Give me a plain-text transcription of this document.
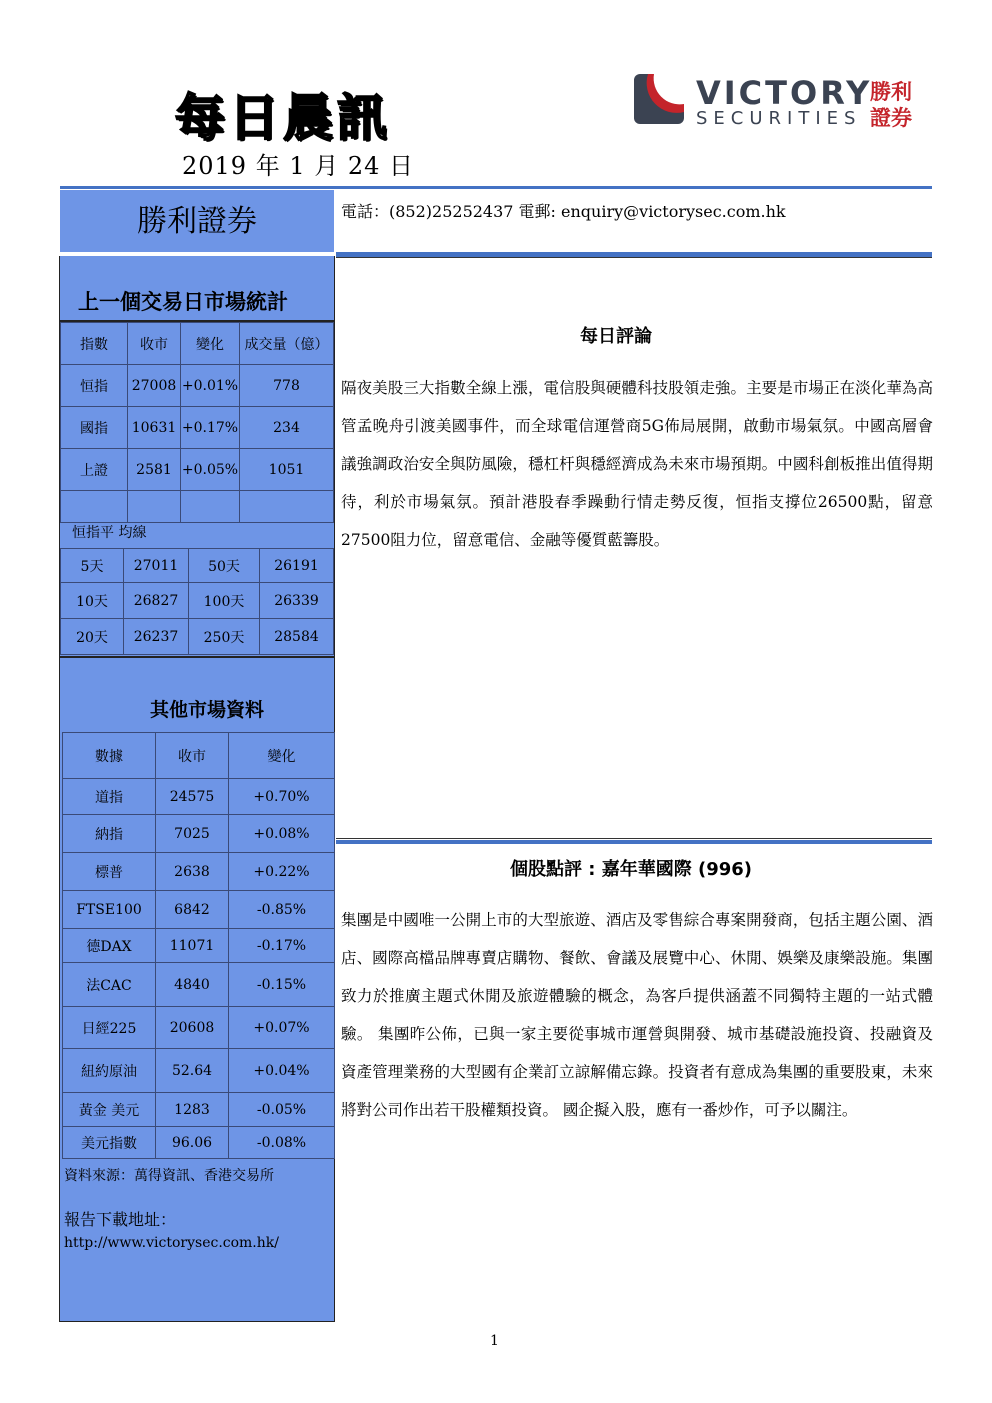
每日晨訊
2019 年 1 月 24 日
VICTORY
SECURITIES
勝利
證券
勝利證券	電話：(852)25252437 電郵: enquiry@victorysec.com.hk
上一個交易日市場統計
指數	收市	變化	成交量（億）
恒指	27008	+0.01%	778
國指	10631	+0.17%	234
上證	2581	+0.05%	1051

恒指平 均線
5天	27011	50天	26191
10天	26827	100天	26339
20天	26237	250天	28584
其他市場資料
數據	收市	變化
道指	24575	+0.70%
納指	7025	+0.08%
標普	2638	+0.22%
FTSE100	6842	-0.85%
德DAX	11071	-0.17%
法CAC	4840	-0.15%
日經225	20608	+0.07%
紐約原油	52.64	+0.04%
黃金 美元	1283	-0.05%
美元指數	96.06	-0.08%
資料來源：萬得資訊、香港交易所
報告下載地址：
http://www.victorysec.com.hk/
每日評論
隔夜美股三大指數全線上漲，電信股與硬體科技股領走強。主要是市場正在淡化華為高管孟晚舟引渡美國事件，而全球電信運營商5G佈局展開，啟動市場氣氛。中國高層會議強調政治安全與防風險，穩杠杆與穩經濟成為未來市場預期。中國科創板推出值得期待，利於市場氣氛。預計港股春季躁動行情走勢反復，恒指支撐位26500點，留意27500阻力位，留意電信、金融等優質藍籌股。
個股點評 : 嘉年華國際 (996)
集團是中國唯一公開上市的大型旅遊、酒店及零售綜合專案開發商，包括主題公園、酒店、國際高檔品牌專賣店購物、餐飲、會議及展覽中心、休閒、娛樂及康樂設施。集團致力於推廣主題式休閒及旅遊體驗的概念，為客戶提供涵蓋不同獨特主題的一站式體驗。 集團昨公佈，已與一家主要從事城市運營與開發、城市基礎設施投資、投融資及資產管理業務的大型國有企業訂立諒解備忘錄。投資者有意成為集團的重要股東，未來將對公司作出若干股權類投資。 國企擬入股，應有一番炒作，可予以關注。
1
